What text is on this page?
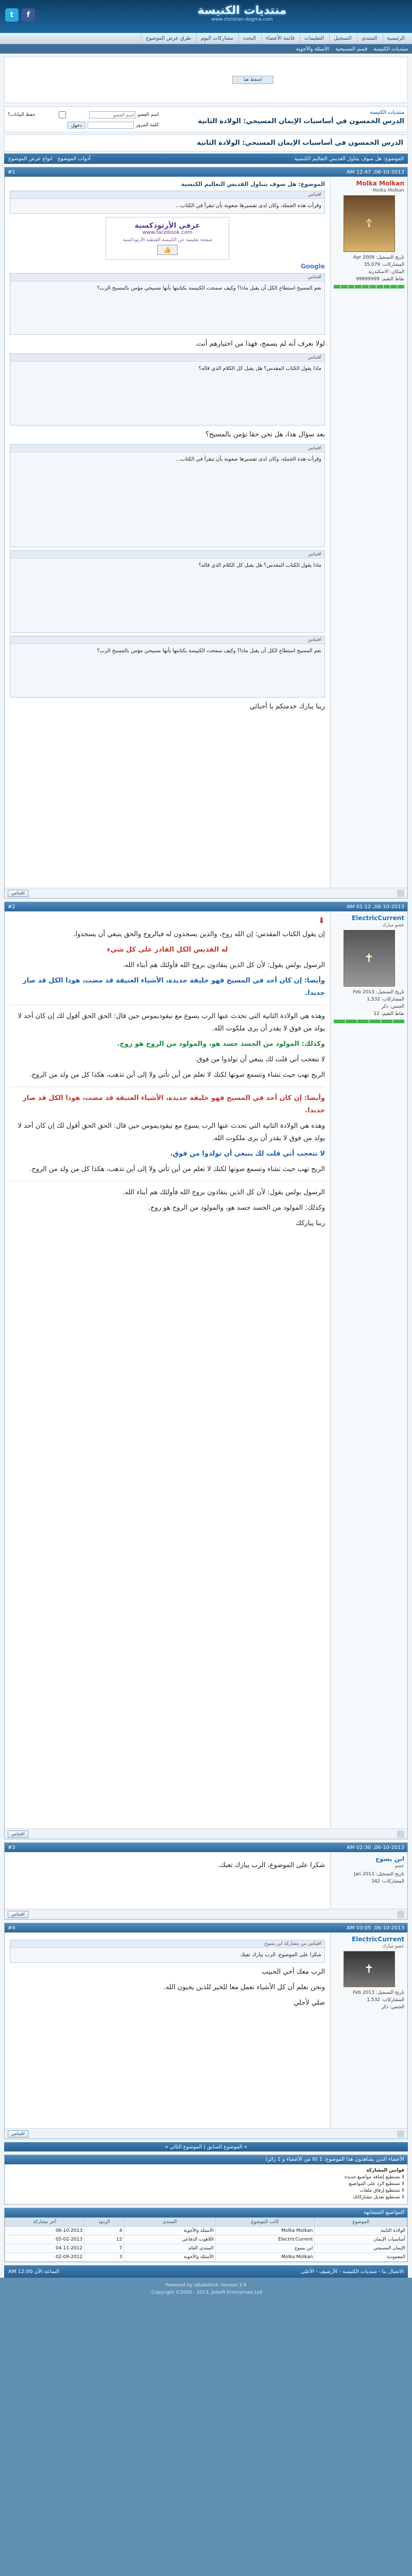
منتديات الكنيسة
www.christian-dogma.com
f
t
الرئيسية
المنتدى
التسجيل
التعليمات
قائمة الأعضاء
البحث
مشاركات اليوم
طرق عرض الموضوع
منتديات الكنيسة
قسم المسيحية
الأسئلة والأجوبة
اضغط هنا
منتديات الكنيسة
الدرس الخمسون في أساسيات الإيمان المسيحي: الولادة الثانية
اسم العضو
اسم العضو
حفظ البيانات؟
كلمة المرور
دخول
الدرس الخمسون في أساسيات الإيمان المسيحي: الولادة الثانية
الموضوع: هل سوف يتناول القديس التعاليم الكنسية
أدوات الموضوع
انواع عرض الموضوع
06-10-2013, 12:47 AM
#1
Molka Molkan
Molka Molkan
☦
تاريخ التسجيل: Apr 2009
المشاركات: 35,079
المكان: الاسكندرية
نقاط التقيم: 99999999
الموضوع: هل سوف يتناول القديس التعاليم الكنسية
اقتباس
وقرأت هذه الجملة، وكان لدى تفسيرها صعوبة بأن تنقرأ في الكتاب...
عرفي الأرثوذكسية
www.facebook.com
صفحة تعليمية عن الكنيسة القبطية الأرثوذكسية
👍
Google
اقتباس
نعم المسيح استطاع الكل أن يقبل ماذا؟ وكيف سمحت الكنيسة بكتابتها بأنها مسيحي مؤمن بالمسيح الرب؟

لولا نعرف أنه لم يسمح، فهذا من اختيارهم أنت.

اقتباس
ماذا يقول الكتاب المقدس؟ هل يقبل كل الكلام الذي قاله؟

بعد سؤال هذا، هل نحن حقا نؤمن بالمسيح؟

اقتباس
وقرأت هذه الجملة، وكان لدى تفسيرها صعوبة بأن تنقرأ في الكتاب...
اقتباس
ماذا يقول الكتاب المقدس؟ هل يقبل كل الكلام الذي قاله؟
اقتباس
نعم المسيح استطاع الكل أن يقبل ماذا؟ وكيف سمحت الكنيسة بكتابتها بأنها مسيحي مؤمن بالمسيح الرب؟

ربنا يبارك خدمتكم يا أحبائي

اقتباس
06-10-2013, 01:12 AM
#2
ElectricCurrent
عضو مبارك
✝
تاريخ التسجيل: Feb 2013
المشاركات: 1,532
الجنس: ذكر
نقاط التقيم: 12
⬇

إن يقول الكتاب المقدس: إن الله روح، والذين يسجدون له فبالروح والحق ينبغي أن يسجدوا.

له القديس الكل القادر على كل شيء

الرسول بولس يقول: لأن كل الذين ينقادون بروح الله فأولئك هم أبناء الله.

وأيضا: إن كان أحد في المسيح فهو خليقة جديدة، الأشياء العتيقة قد مضت، هوذا الكل قد صار جديدا.

وهذه هي الولادة الثانية التي تحدث عنها الرب يسوع مع نيقوديموس حين قال: الحق الحق أقول لك إن كان أحد لا يولد من فوق لا يقدر أن يرى ملكوت الله.

وكذلك: المولود من الجسد جسد هو، والمولود من الروح هو روح.

لا تتعجب أني قلت لك ينبغي أن تولدوا من فوق.

الريح تهب حيث تشاء وتسمع صوتها لكنك لا تعلم من أين تأتي ولا إلى أين تذهب، هكذا كل من ولد من الروح.

وأيضا: إن كان أحد في المسيح فهو خليقة جديدة، الأشياء العتيقة قد مضت، هوذا الكل قد صار جديدا.

وهذه هي الولادة الثانية التي تحدث عنها الرب يسوع مع نيقوديموس حين قال: الحق الحق أقول لك إن كان أحد لا يولد من فوق لا يقدر أن يرى ملكوت الله.

لا تتعجب أني قلت لك ينبغي أن تولدوا من فوق.

الريح تهب حيث تشاء وتسمع صوتها لكنك لا تعلم من أين تأتي ولا إلى أين تذهب، هكذا كل من ولد من الروح.

الرسول بولس يقول: لأن كل الذين ينقادون بروح الله فأولئك هم أبناء الله.

وكذلك: المولود من الجسد جسد هو، والمولود من الروح هو روح.

ربنا يباركك

اقتباس
06-10-2013, 02:30 AM
#3
ابن يسوع
عضو
تاريخ التسجيل: Jan 2011
المشاركات: 342

شكرا على الموضوع، الرب يبارك تعبك.

اقتباس
06-10-2013, 03:05 AM
#4
ElectricCurrent
عضو مبارك
✝
تاريخ التسجيل: Feb 2013
المشاركات: 1,532
الجنس: ذكر
اقتباس من مشاركة ابن يسوع
شكرا على الموضوع، الرب يبارك تعبك

الرب معك أخي الحبيب

ونحن نعلم أن كل الأشياء تعمل معا للخير للذين يحبون الله.

صلي لأجلي

اقتباس
« الموضوع السابق | الموضوع التالي »
الأعضاء الذين يشاهدون هذا الموضوع: 1 (0 من الأعضاء و 1 زائر)
قوانين المشاركة
لا تستطيع إضافة مواضيع جديدة
لا تستطيع الرد على المواضيع
لا تستطيع إرفاق ملفات
لا تستطيع تعديل مشاركاتك
المواضيع المتشابهه
الموضوع	كاتب الموضوع	المنتدى	الردود	آخر مشاركة
الولادة الثانية	Molka Molkan	الأسئلة والأجوبة	4	06-10-2013
أساسيات الإيمان	ElectricCurrent	اللاهوت الدفاعي	12	05-02-2013
الإيمان المسيحي	ابن يسوع	المنتدى العام	7	04-11-2012
المعمودية	Molka Molkan	الأسئلة والأجوبة	3	02-09-2012
الاتصال بنا - منتديات الكنيسة - الأرشيف - الأعلى
الساعة الآن 12:00 AM
Powered by vBulletin® Version 3.8
Copyright ©2000 - 2013, Jelsoft Enterprises Ltd.
